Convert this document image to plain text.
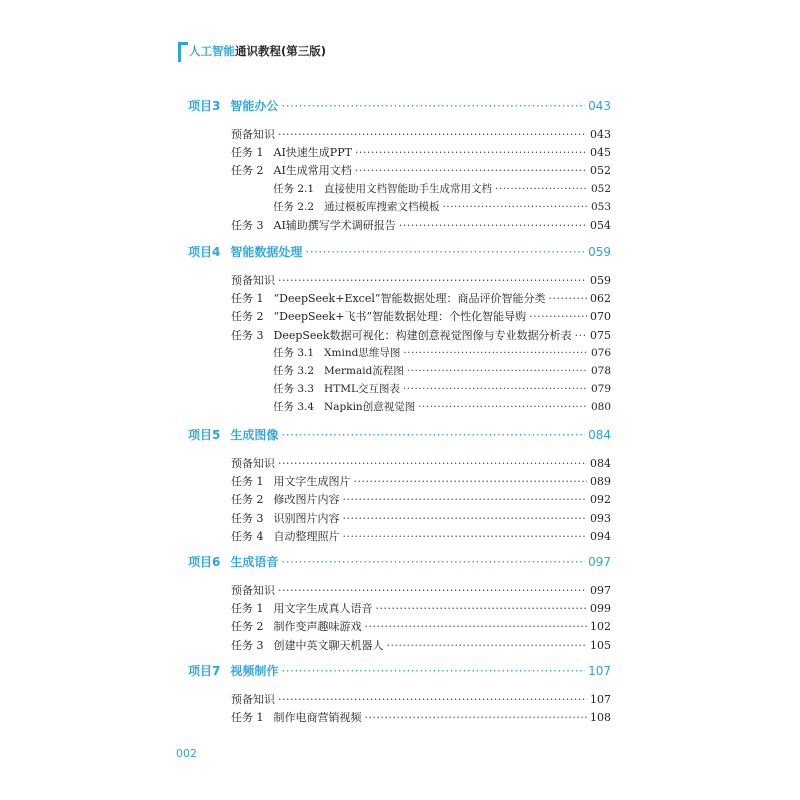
人工智能通识教程(第三版)
项目3 智能办公 ·····	043
预备知识 ·····	043
任务 1 AI快速生成PPT ·····	045
任务 2 AI生成常用文档 ·····	052
任务 2.1 直接使用文档智能助手生成常用文档 ·····	052
任务 2.2 通过模板库搜索文档模板 ·····	053
任务 3 AI辅助撰写学术调研报告 ·····	054
项目4 智能数据处理 ·····	059
预备知识 ·····	059
任务 1 “DeepSeek+Excel”智能数据处理：商品评价智能分类 ·····	062
任务 2 “DeepSeek+飞书”智能数据处理：个性化智能导购 ·····	070
任务 3 DeepSeek数据可视化：构建创意视觉图像与专业数据分析表 ····· 075
任务 3.1 Xmind思维导图 ·····	076
任务 3.2 Mermaid流程图 ·····	078
任务 3.3 HTML交互图表 ·····	079
任务 3.4 Napkin创意视觉图 ·····	080
项目5 生成图像 ·····	084
预备知识 ·····	084
任务 1 用文字生成图片 ·····	089
任务 2 修改图片内容 ·····	092
任务 3 识别图片内容 ·····	093
任务 4 自动整理照片 ·····	094
项目6 生成语音 ·····	097
预备知识 ·····	097
任务 1 用文字生成真人语音 ·····	099
任务 2 制作变声趣味游戏 ·····	102
任务 3 创建中英文聊天机器人 ·····	105
项目7 视频制作 ·····	107
预备知识 ·····	107
任务 1 制作电商营销视频 ·····	108
002
